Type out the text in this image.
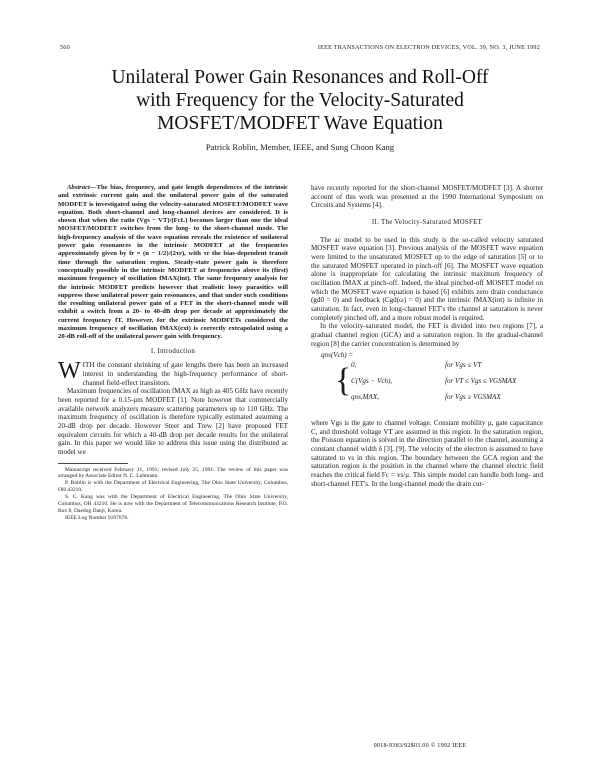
560	IEEE TRANSACTIONS ON ELECTRON DEVICES, VOL. 39, NO. 3, JUNE 1992
Unilateral Power Gain Resonances and Roll-Off
with Frequency for the Velocity-Saturated
MOSFET/MODFET Wave Equation
Patrick Roblin, Member, IEEE, and Sung Choon Kang

Abstract—The bias, frequency, and gate length dependences of the intrinsic and extrinsic current gain and the unilateral power gain of the saturated MODFET is investigated using the velocity-saturated MOSFET/MODFET wave equation. Both short-channel and long-channel devices are considered. It is shown that when the ratio (Vgs − VT)/(FcL) becomes larger than one the ideal MOSFET/MODFET switches from the long- to the short-channel mode. The high-frequency analysis of the wave equation reveals the existence of unilateral power gain resonances in the intrinsic MODFET at the frequencies approximately given by fr = (n − 1/2)/(2τr), with τr the bias-dependent transit time through the saturation region. Steady-state power gain is therefore conceptually possible in the intrinsic MODFET at frequencies above its (first) maximum frequency of oscillation fMAX(int). The same frequency analysis for the intrinsic MODFET predicts however that realistic lossy parasitics will suppress these unilateral power gain resonances, and that under such conditions the resulting unilateral power gain of a FET in the short-channel mode will exhibit a switch from a 20- to 40-dB drop per decade at approximately the current frequency fT. However, for the extrinsic MODFETs considered the maximum frequency of oscillation fMAX(ext) is correctly extrapolated using a 20-dB roll-off of the unilateral power gain with frequency.

I. Introduction

WITH the constant shrinking of gate lengths there has been an increased interest in understanding the high-frequency performance of short-channel field-effect transistors.

Maximum frequencies of oscillation fMAX as high as 405 GHz have recently been reported for a 0.15-μm MODFET [1]. Note however that commercially available network analyzers measure scattering parameters up to 110 GHz. The maximum frequency of oscillation is therefore typically estimated assuming a 20-dB drop per decade. However Steer and Trew [2] have proposed FET equivalent circuits for which a 40-dB drop per decade results for the unilateral gain. In this paper we would like to address this issue using the distributed ac model we

Manuscript received February 11, 1991; revised July 25, 1991. The review of this paper was arranged by Associate Editor N. C. Luhmann.

P. Roblin is with the Department of Electrical Engineering, The Ohio State University, Columbus, OH 43210.

S. C. Kang was with the Department of Electrical Engineering, The Ohio State University, Columbus, OH 43210. He is now with the Department of Telecommunications Research Institute, P.O. Box 8, Daedog Danji, Korea.

IEEE Log Number 9107878.

have recently reported for the short-channel MOSFET/MODFET [3]. A shorter account of this work was presented at the 1990 International Symposium on Circuits and Systems [4].

II. The Velocity-Saturated MOSFET

The ac model to be used in this study is the so-called velocity saturated MOSFET wave equation [3]. Previous analysis of the MOSFET wave equation were limited to the unsaturated MOSFET up to the edge of saturation [5] or to the saturated MOSFET operated in pinch-off [6]. The MOSFET wave equation alone is inappropriate for calculating the intrinsic maximum frequency of oscillation fMAX at pinch-off. Indeed, the ideal pinched-off MOSFET model on which the MOSFET wave equation is based [6] exhibits zero drain conductance (gd0 = 0) and feedback (Cgd(ω) = 0) and the intrinsic fMAX(int) is infinite in saturation. In fact, even in long-channel FET's the channel at saturation is never completely pinched off, and a more robust model is required.

In the velocity-saturated model, the FET is divided into two regions [7], a gradual channel region (GCA) and a saturation region. In the gradual-channel region [8] the carrier concentration is determined by

qns(Vch) =
{ 0,	for Vgs ≤ VT
C(Vgs − Vch),	for VT ≤ Vgs ≤ VGSMAX
qns,MAX,	for Vgs ≥ VGSMAX

where Vgs is the gate to channel voltage. Constant mobility μ, gate capacitance C, and threshold voltage VT are assumed in this region. In the saturation region, the Poisson equation is solved in the direction parallel to the channel, assuming a constant channel width δ [3], [9]. The velocity of the electron is assumed to have saturated to vs in this region. The boundary between the GCA region and the saturation region is the position in the channel where the channel electric field reaches the critical field Fc = vs/μ. This simple model can handle both long- and short-channel FET's. In the long-channel mode the drain cur-

0018-9383/92$03.00 © 1992 IEEE
